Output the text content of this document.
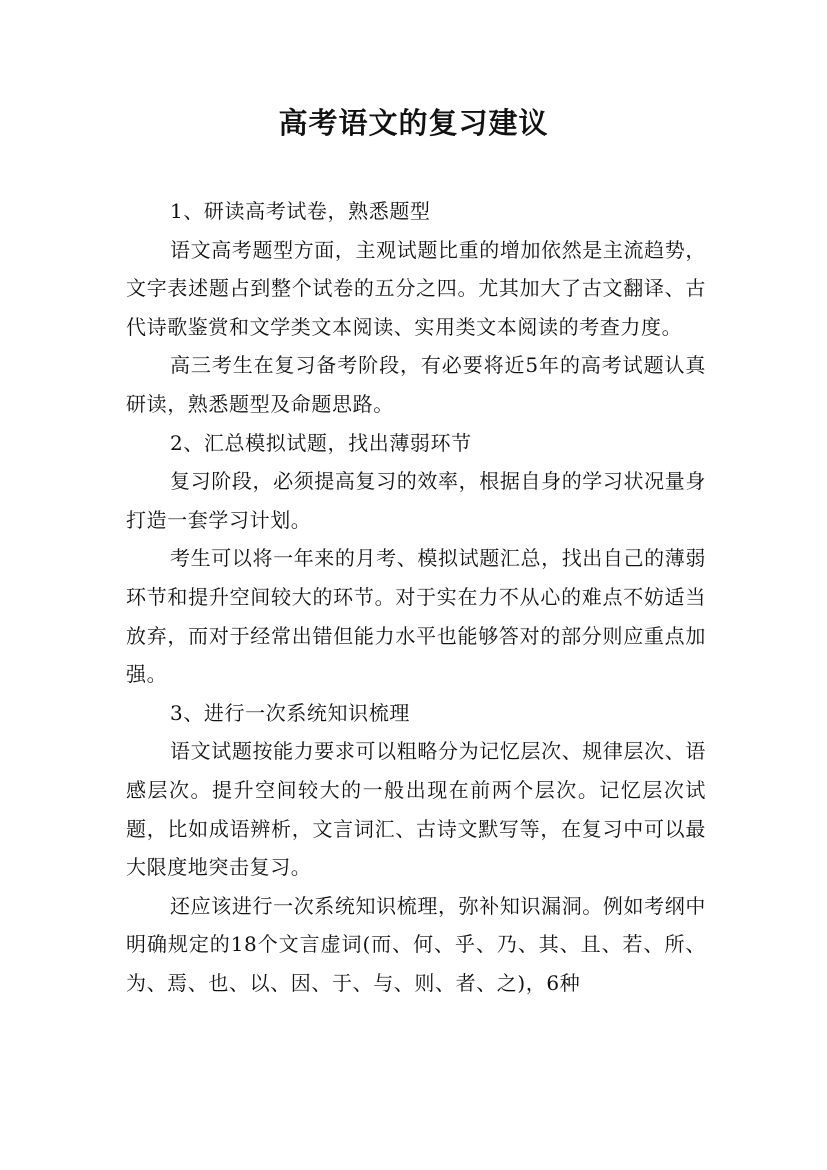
高考语文的复习建议

1、研读高考试卷，熟悉题型

语文高考题型方面，主观试题比重的增加依然是主流趋势，文字表述题占到整个试卷的五分之四。尤其加大了古文翻译、古代诗歌鉴赏和文学类文本阅读、实用类文本阅读的考查力度。

高三考生在复习备考阶段，有必要将近5年的高考试题认真研读，熟悉题型及命题思路。

2、汇总模拟试题，找出薄弱环节

复习阶段，必须提高复习的效率，根据自身的学习状况量身打造一套学习计划。

考生可以将一年来的月考、模拟试题汇总，找出自己的薄弱环节和提升空间较大的环节。对于实在力不从心的难点不妨适当放弃，而对于经常出错但能力水平也能够答对的部分则应重点加强。

3、进行一次系统知识梳理

语文试题按能力要求可以粗略分为记忆层次、规律层次、语感层次。提升空间较大的一般出现在前两个层次。记忆层次试题，比如成语辨析，文言词汇、古诗文默写等，在复习中可以最大限度地突击复习。

还应该进行一次系统知识梳理，弥补知识漏洞。例如考纲中明确规定的18个文言虚词(而、何、乎、乃、其、且、若、所、为、焉、也、以、因、于、与、则、者、之)，6种
